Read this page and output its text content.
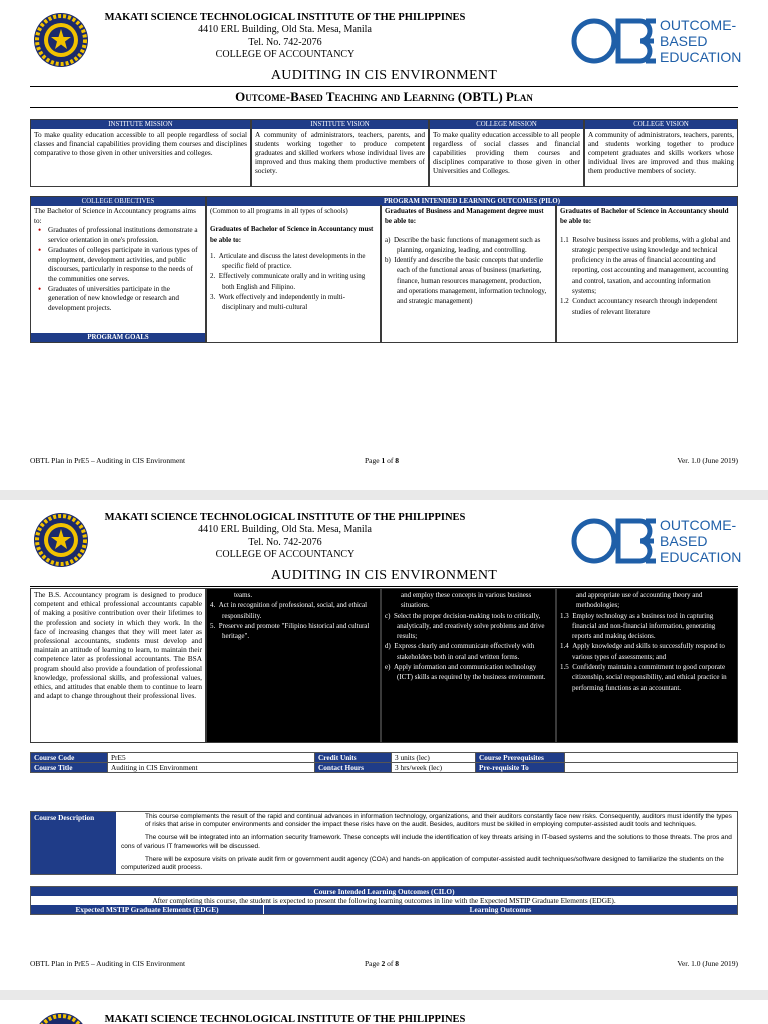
MAKATI SCIENCE TECHNOLOGICAL INSTITUTE OF THE PHILIPPINES
4410 ERL Building, Old Sta. Mesa, Manila
Tel. No. 742-2076
COLLEGE OF ACCOUNTANCY
OUTCOME-
BASED
EDUCATION
AUDITING IN CIS ENVIRONMENT
Outcome-Based Teaching and Learning (OBTL) Plan
INSTITUTE MISSION
To make quality education accessible to all people regardless of social classes and financial capabilities providing them courses and disciplines comparative to those given in other universities and colleges.
INSTITUTE VISION
A community of administrators, teachers, parents, and students working together to produce competent graduates and skilled workers whose individual lives are improved and thus making them productive members of society.
COLLEGE MISSION
To make quality education accessible to all people regardless of social classes and financial capabilities providing them courses and disciplines comparative to those given in other Universities and Colleges.
COLLEGE VISION
A community of administrators, teachers, parents, and students working together to produce competent graduates and skills workers whose individual lives are improved and thus making them productive members of society.
COLLEGE OBJECTIVES
The Bachelor of Science in Accountancy programs aims to:
• Graduates of professional institutions demonstrate a service orientation in one's profession.
• Graduates of colleges participate in various types of employment, development activities, and public discourses, particularly in response to the needs of the communities one serves.
• Graduates of universities participate in the generation of new knowledge or research and development projects.
PROGRAM GOALS
PROGRAM INTENDED LEARNING OUTCOMES (PILO)
(Common to all programs in all types of schools)
Graduates of Bachelor of Science in Accountancy must be able to:
1. Articulate and discuss the latest developments in the specific field of practice.
2. Effectively communicate orally and in writing using both English and Filipino.
3. Work effectively and independently in multi-disciplinary and multi-cultural
Graduates of Business and Management degree must be able to:
a) Describe the basic functions of management such as planning, organizing, leading, and controlling.
b) Identify and describe the basic concepts that underlie each of the functional areas of business (marketing, finance, human resources management, production, and operations management, information technology, and strategic management)
Graduates of Bachelor of Science in Accountancy should be able to:
1.1 Resolve business issues and problems, with a global and strategic perspective using knowledge and technical proficiency in the areas of financial accounting and reporting, cost accounting and management, accounting and control, taxation, and accounting information systems;
1.2 Conduct accountancy research through independent studies of relevant literature
OBTL Plan in PrE5 – Auditing in CIS Environment	Page 1 of 8	Ver. 1.0 (June 2019)
MAKATI SCIENCE TECHNOLOGICAL INSTITUTE OF THE PHILIPPINES
4410 ERL Building, Old Sta. Mesa, Manila
Tel. No. 742-2076
COLLEGE OF ACCOUNTANCY
OUTCOME-
BASED
EDUCATION
AUDITING IN CIS ENVIRONMENT
The B.S. Accountancy program is designed to produce competent and ethical professional accountants capable of making a positive contribution over their lifetimes to the profession and society in which they work. In the face of increasing changes that they will meet later as professional accountants, students must develop and maintain an attitude of learning to learn, to maintain their competence later as professional accountants. The BSA program should also provide a foundation of professional knowledge, professional skills, and professional values, ethics, and attitudes that enable them to continue to learn and adapt to change throughout their professional lives.
teams.
4. Act in recognition of professional, social, and ethical responsibility.
5. Preserve and promote "Filipino historical and cultural heritage".
and employ these concepts in various business situations.
c) Select the proper decision-making tools to critically, analytically, and creatively solve problems and drive results;
d) Express clearly and communicate effectively with stakeholders both in oral and written forms.
e) Apply information and communication technology (ICT) skills as required by the business environment.
and appropriate use of accounting theory and methodologies;
1.3 Employ technology as a business tool in capturing financial and non-financial information, generating reports and making decisions.
1.4 Apply knowledge and skills to successfully respond to various types of assessments; and
1.5 Confidently maintain a commitment to good corporate citizenship, social responsibility, and ethical practice in performing functions as an accountant.
Course Code	PrE5	Credit Units	3 units (lec)	Course Prerequisites	
Course Title	Auditing in CIS Environment	Contact Hours	3 hrs/week (lec)	Pre-requisite To	
Course Description	This course complements the result of the rapid and continual advances in information technology, organizations, and their auditors constantly face new risks. Consequently, auditors must identify the types of risks that arise in computer environments and consider the impact these risks have on the audit. Besides, auditors must be skilled in employing computer-assisted audit tools and techniques.

The course will be integrated into an information security framework. These concepts will include the identification of key threats arising in IT-based systems and the solutions to those threats. The pros and cons of various IT frameworks will be discussed.

There will be exposure visits on private audit firm or government audit agency (COA) and hands-on application of computer-assisted audit techniques/software designed to familiarize the students on the computerized audit process.

Course Intended Learning Outcomes (CILO)
After completing this course, the student is expected to present the following learning outcomes in line with the Expected MSTIP Graduate Elements (EDGE).
Expected MSTIP Graduate Elements (EDGE)	Learning Outcomes
OBTL Plan in PrE5 – Auditing in CIS Environment	Page 2 of 8	Ver. 1.0 (June 2019)
MAKATI SCIENCE TECHNOLOGICAL INSTITUTE OF THE PHILIPPINES
